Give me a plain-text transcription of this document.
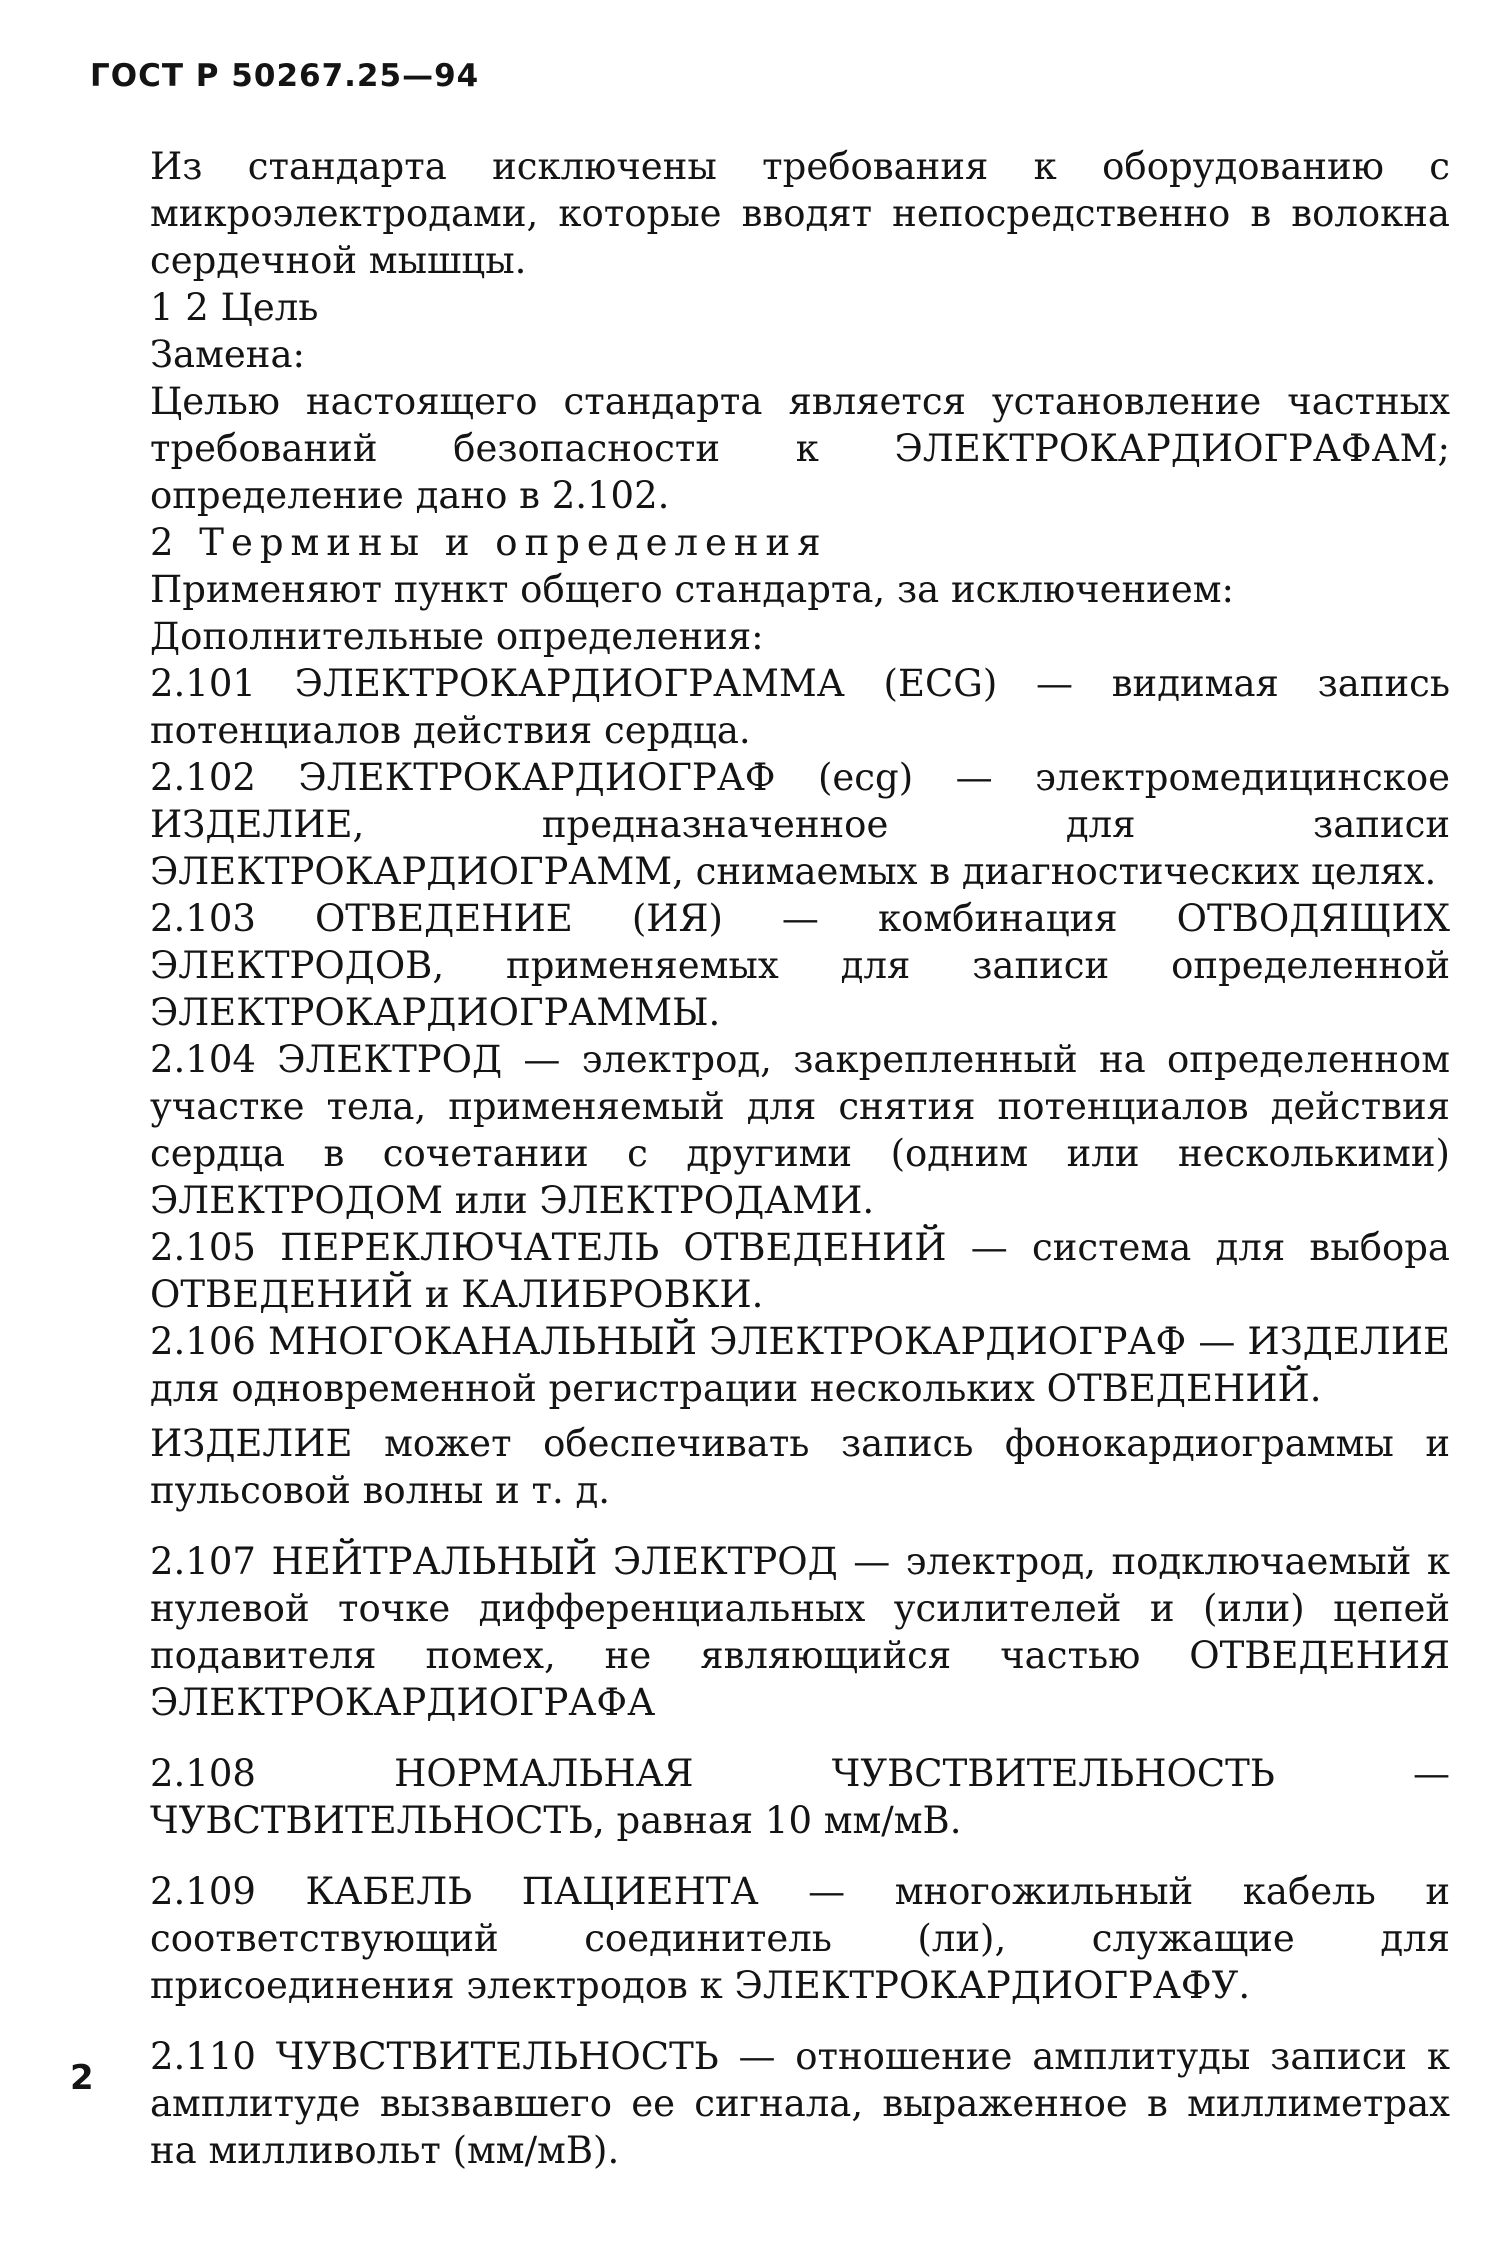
ГОСТ Р 50267.25—94

Из стандарта исключены требования к оборудованию с микроэлектродами, которые вводят непосредственно в волокна сердечной мышцы.

1 2 Цель

Замена:

Целью настоящего стандарта является установление частных требований безопасности к ЭЛЕКТРОКАРДИОГРАФАМ; определение дано в 2.102.

2 Термины и определения

Применяют пункт общего стандарта, за исключением:

Дополнительные определения:

2.101 ЭЛЕКТРОКАРДИОГРАММА (ECG) — видимая запись потенциалов действия сердца.

2.102 ЭЛЕКТРОКАРДИОГРАФ (ecg) — электромедицинское ИЗДЕЛИЕ, предназначенное для записи ЭЛЕКТРОКАРДИОГРАММ, снимаемых в диагностических целях.

2.103 ОТВЕДЕНИЕ (ИЯ) — комбинация ОТВОДЯЩИХ ЭЛЕКТРОДОВ, применяемых для записи определенной ЭЛЕКТРОКАРДИОГРАММЫ.

2.104 ЭЛЕКТРОД — электрод, закрепленный на определенном участке тела, применяемый для снятия потенциалов действия сердца в сочетании с другими (одним или несколькими) ЭЛЕКТРОДОМ или ЭЛЕКТРОДАМИ.

2.105 ПЕРЕКЛЮЧАТЕЛЬ ОТВЕДЕНИЙ — система для выбора ОТВЕДЕНИЙ и КАЛИБРОВКИ.

2.106 МНОГОКАНАЛЬНЫЙ ЭЛЕКТРОКАРДИОГРАФ — ИЗДЕЛИЕ для одновременной регистрации нескольких ОТВЕДЕНИЙ.

ИЗДЕЛИЕ может обеспечивать запись фонокардиограммы и пульсовой волны и т. д.

2.107 НЕЙТРАЛЬНЫЙ ЭЛЕКТРОД — электрод, подключаемый к нулевой точке дифференциальных усилителей и (или) цепей подавителя помех, не являющийся частью ОТВЕДЕНИЯ ЭЛЕКТРОКАРДИОГРАФА

2.108 НОРМАЛЬНАЯ ЧУВСТВИТЕЛЬНОСТЬ — ЧУВСТВИТЕЛЬНОСТЬ, равная 10 мм/мВ.

2.109 КАБЕЛЬ ПАЦИЕНТА — многожильный кабель и соответствующий соединитель (ли), служащие для присоединения электродов к ЭЛЕКТРОКАРДИОГРАФУ.

2.110 ЧУВСТВИТЕЛЬНОСТЬ — отношение амплитуды записи к амплитуде вызвавшего ее сигнала, выраженное в миллиметрах на милливольт (мм/мВ).

2
